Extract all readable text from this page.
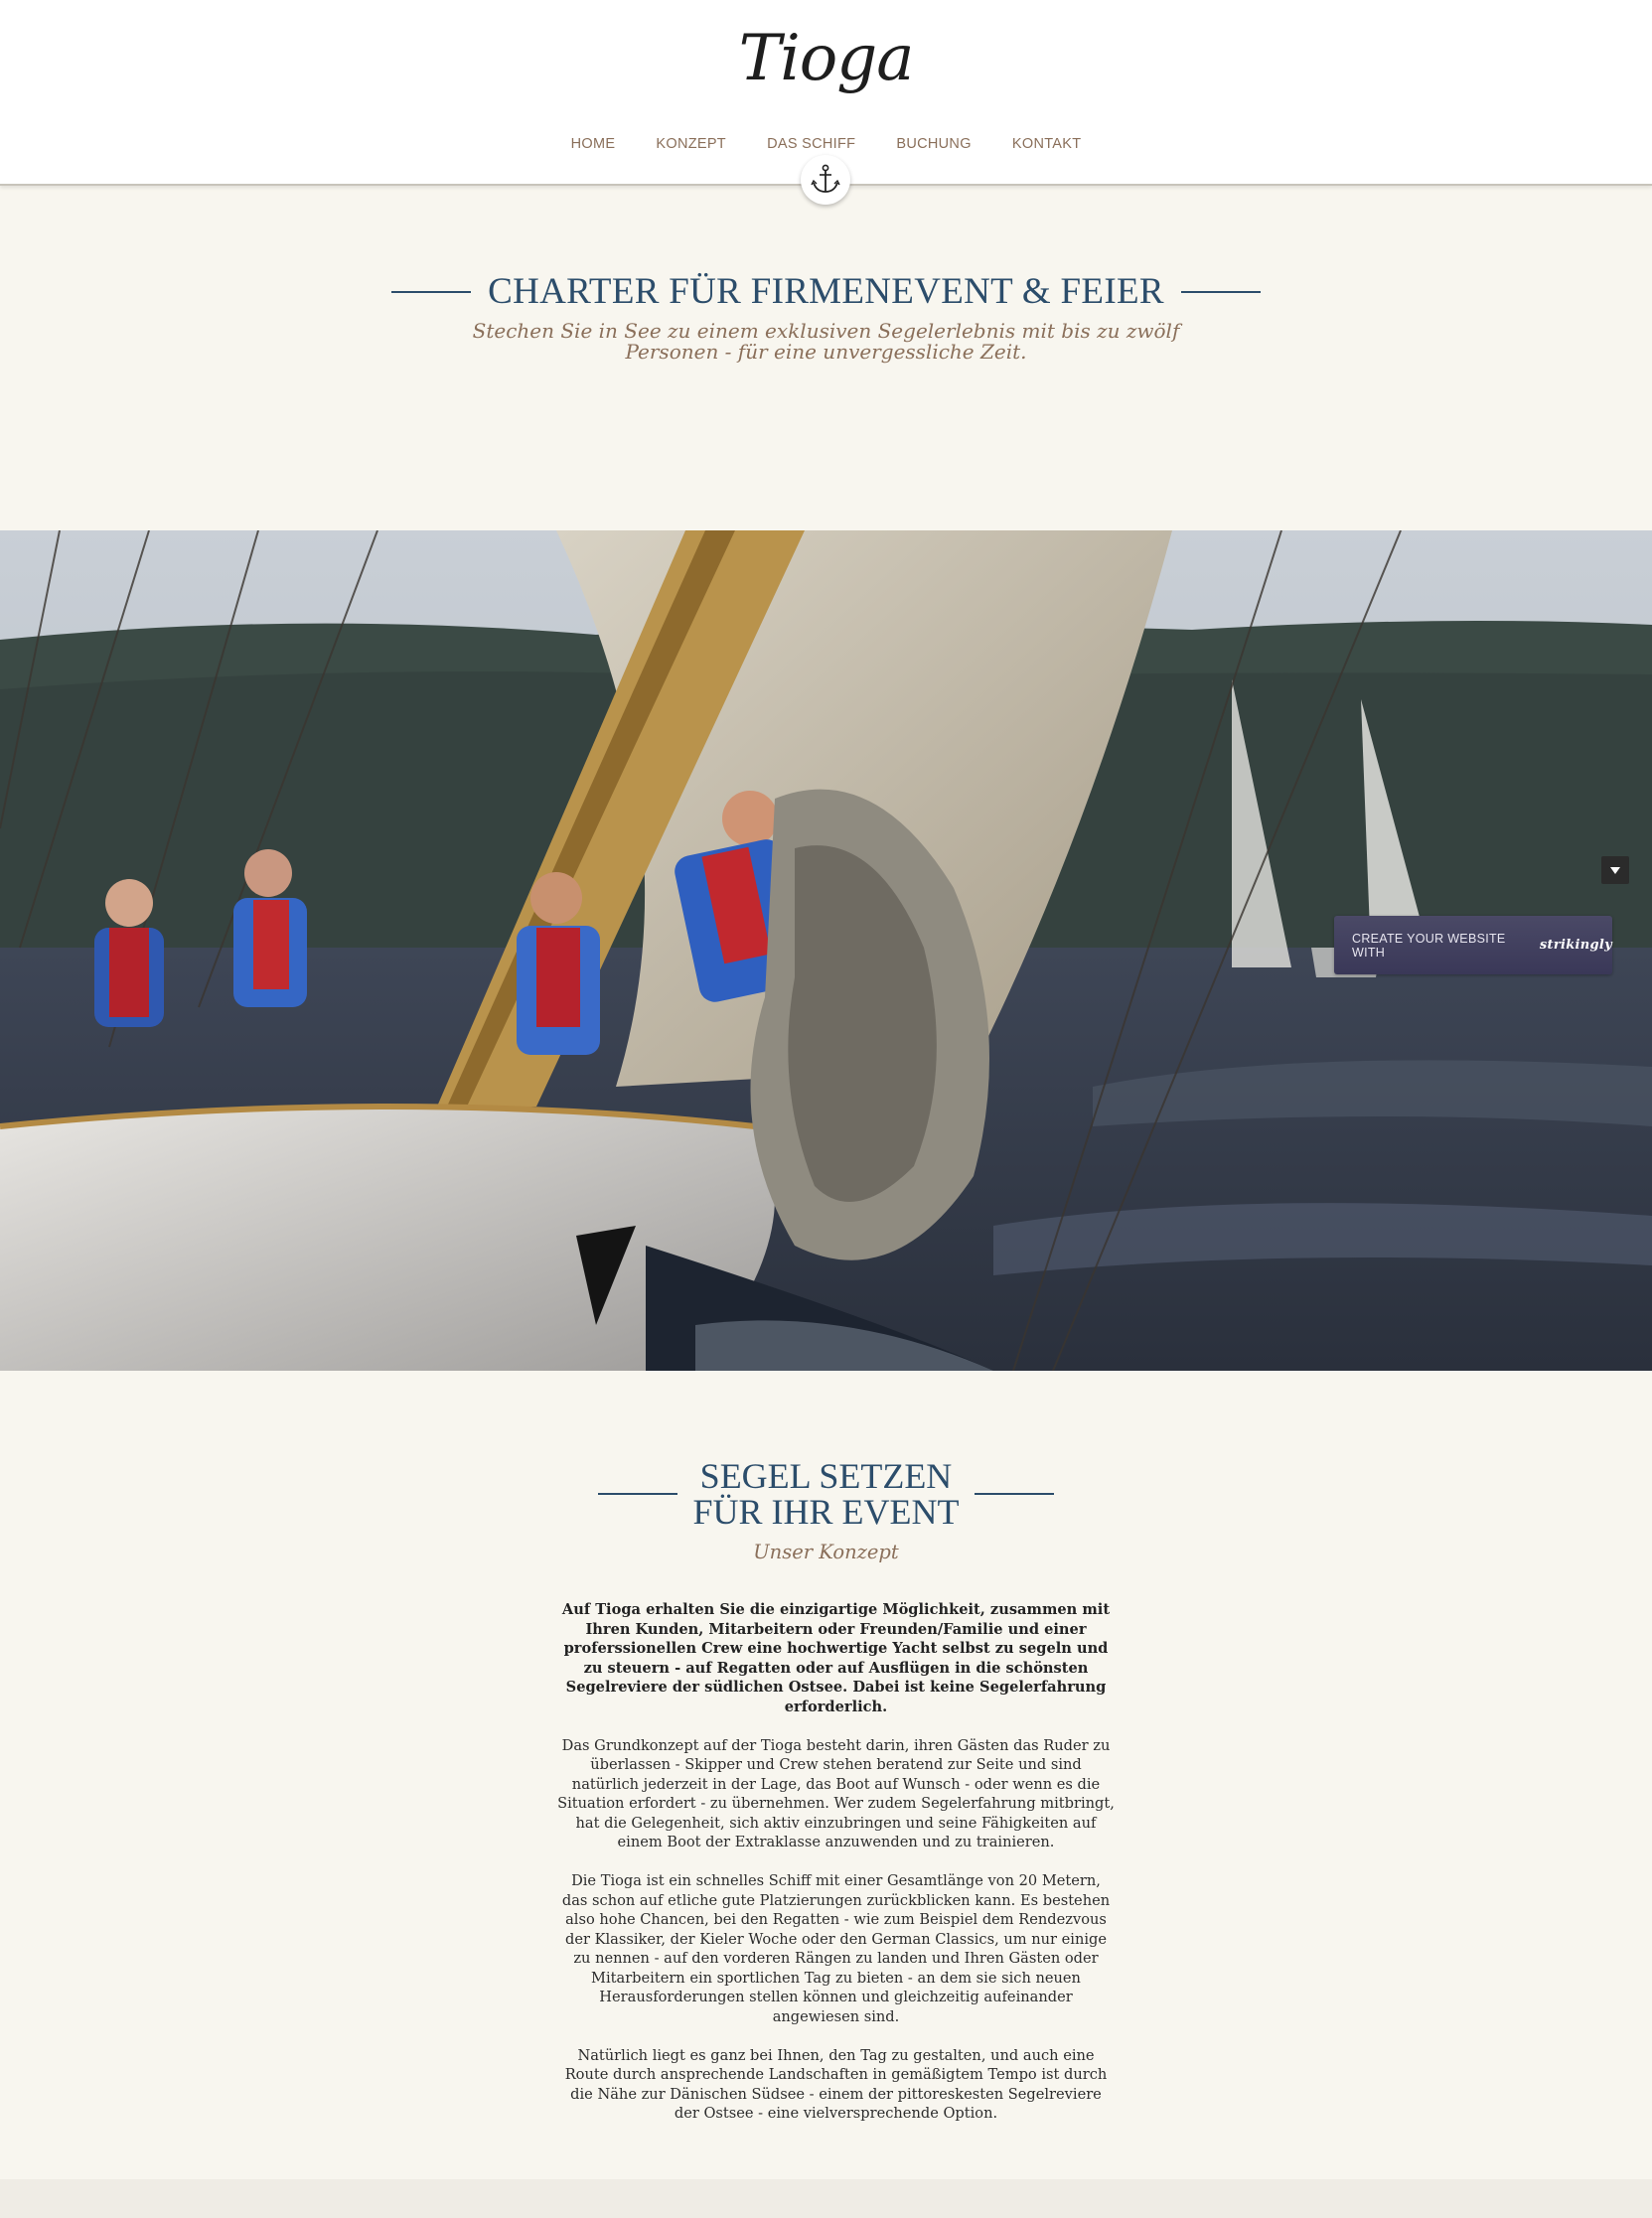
Tioga
HOME	KONZEPT	DAS SCHIFF	BUCHUNG	KONTAKT
CHARTER FÜR FIRMENEVENT & FEIER
Stechen Sie in See zu einem exklusiven Segelerlebnis mit bis zu zwölf
Personen - für eine unvergessliche Zeit.
CREATE YOUR WEBSITE WITH	strikingly
SEGEL SETZEN
FÜR IHR EVENT
Unser Konzept

Auf Tioga erhalten Sie die einzigartige Möglichkeit, zusammen mit Ihren Kunden, Mitarbeitern oder Freunden/Familie und einer proferssionellen Crew eine hochwertige Yacht selbst zu segeln und zu steuern - auf Regatten oder auf Ausflügen in die schönsten Segelreviere der südlichen Ostsee. Dabei ist keine Segelerfahrung erforderlich.

Das Grundkonzept auf der Tioga besteht darin, ihren Gästen das Ruder zu überlassen - Skipper und Crew stehen beratend zur Seite und sind natürlich jederzeit in der Lage, das Boot auf Wunsch - oder wenn es die Situation erfordert - zu übernehmen. Wer zudem Segelerfahrung mitbringt, hat die Gelegenheit, sich aktiv einzubringen und seine Fähigkeiten auf einem Boot der Extraklasse anzuwenden und zu trainieren.

Die Tioga ist ein schnelles Schiff mit einer Gesamtlänge von 20 Metern, das schon auf etliche gute Platzierungen zurückblicken kann. Es bestehen also hohe Chancen, bei den Regatten - wie zum Beispiel dem Rendezvous der Klassiker, der Kieler Woche oder den German Classics, um nur einige zu nennen - auf den vorderen Rängen zu landen und Ihren Gästen oder Mitarbeitern ein sportlichen Tag zu bieten - an dem sie sich neuen Herausforderungen stellen können und gleichzeitig aufeinander angewiesen sind.

Natürlich liegt es ganz bei Ihnen, den Tag zu gestalten, und auch eine Route durch ansprechende Landschaften in gemäßigtem Tempo ist durch die Nähe zur Dänischen Südsee - einem der pittoreskesten Segelreviere der Ostsee - eine vielversprechende Option.
